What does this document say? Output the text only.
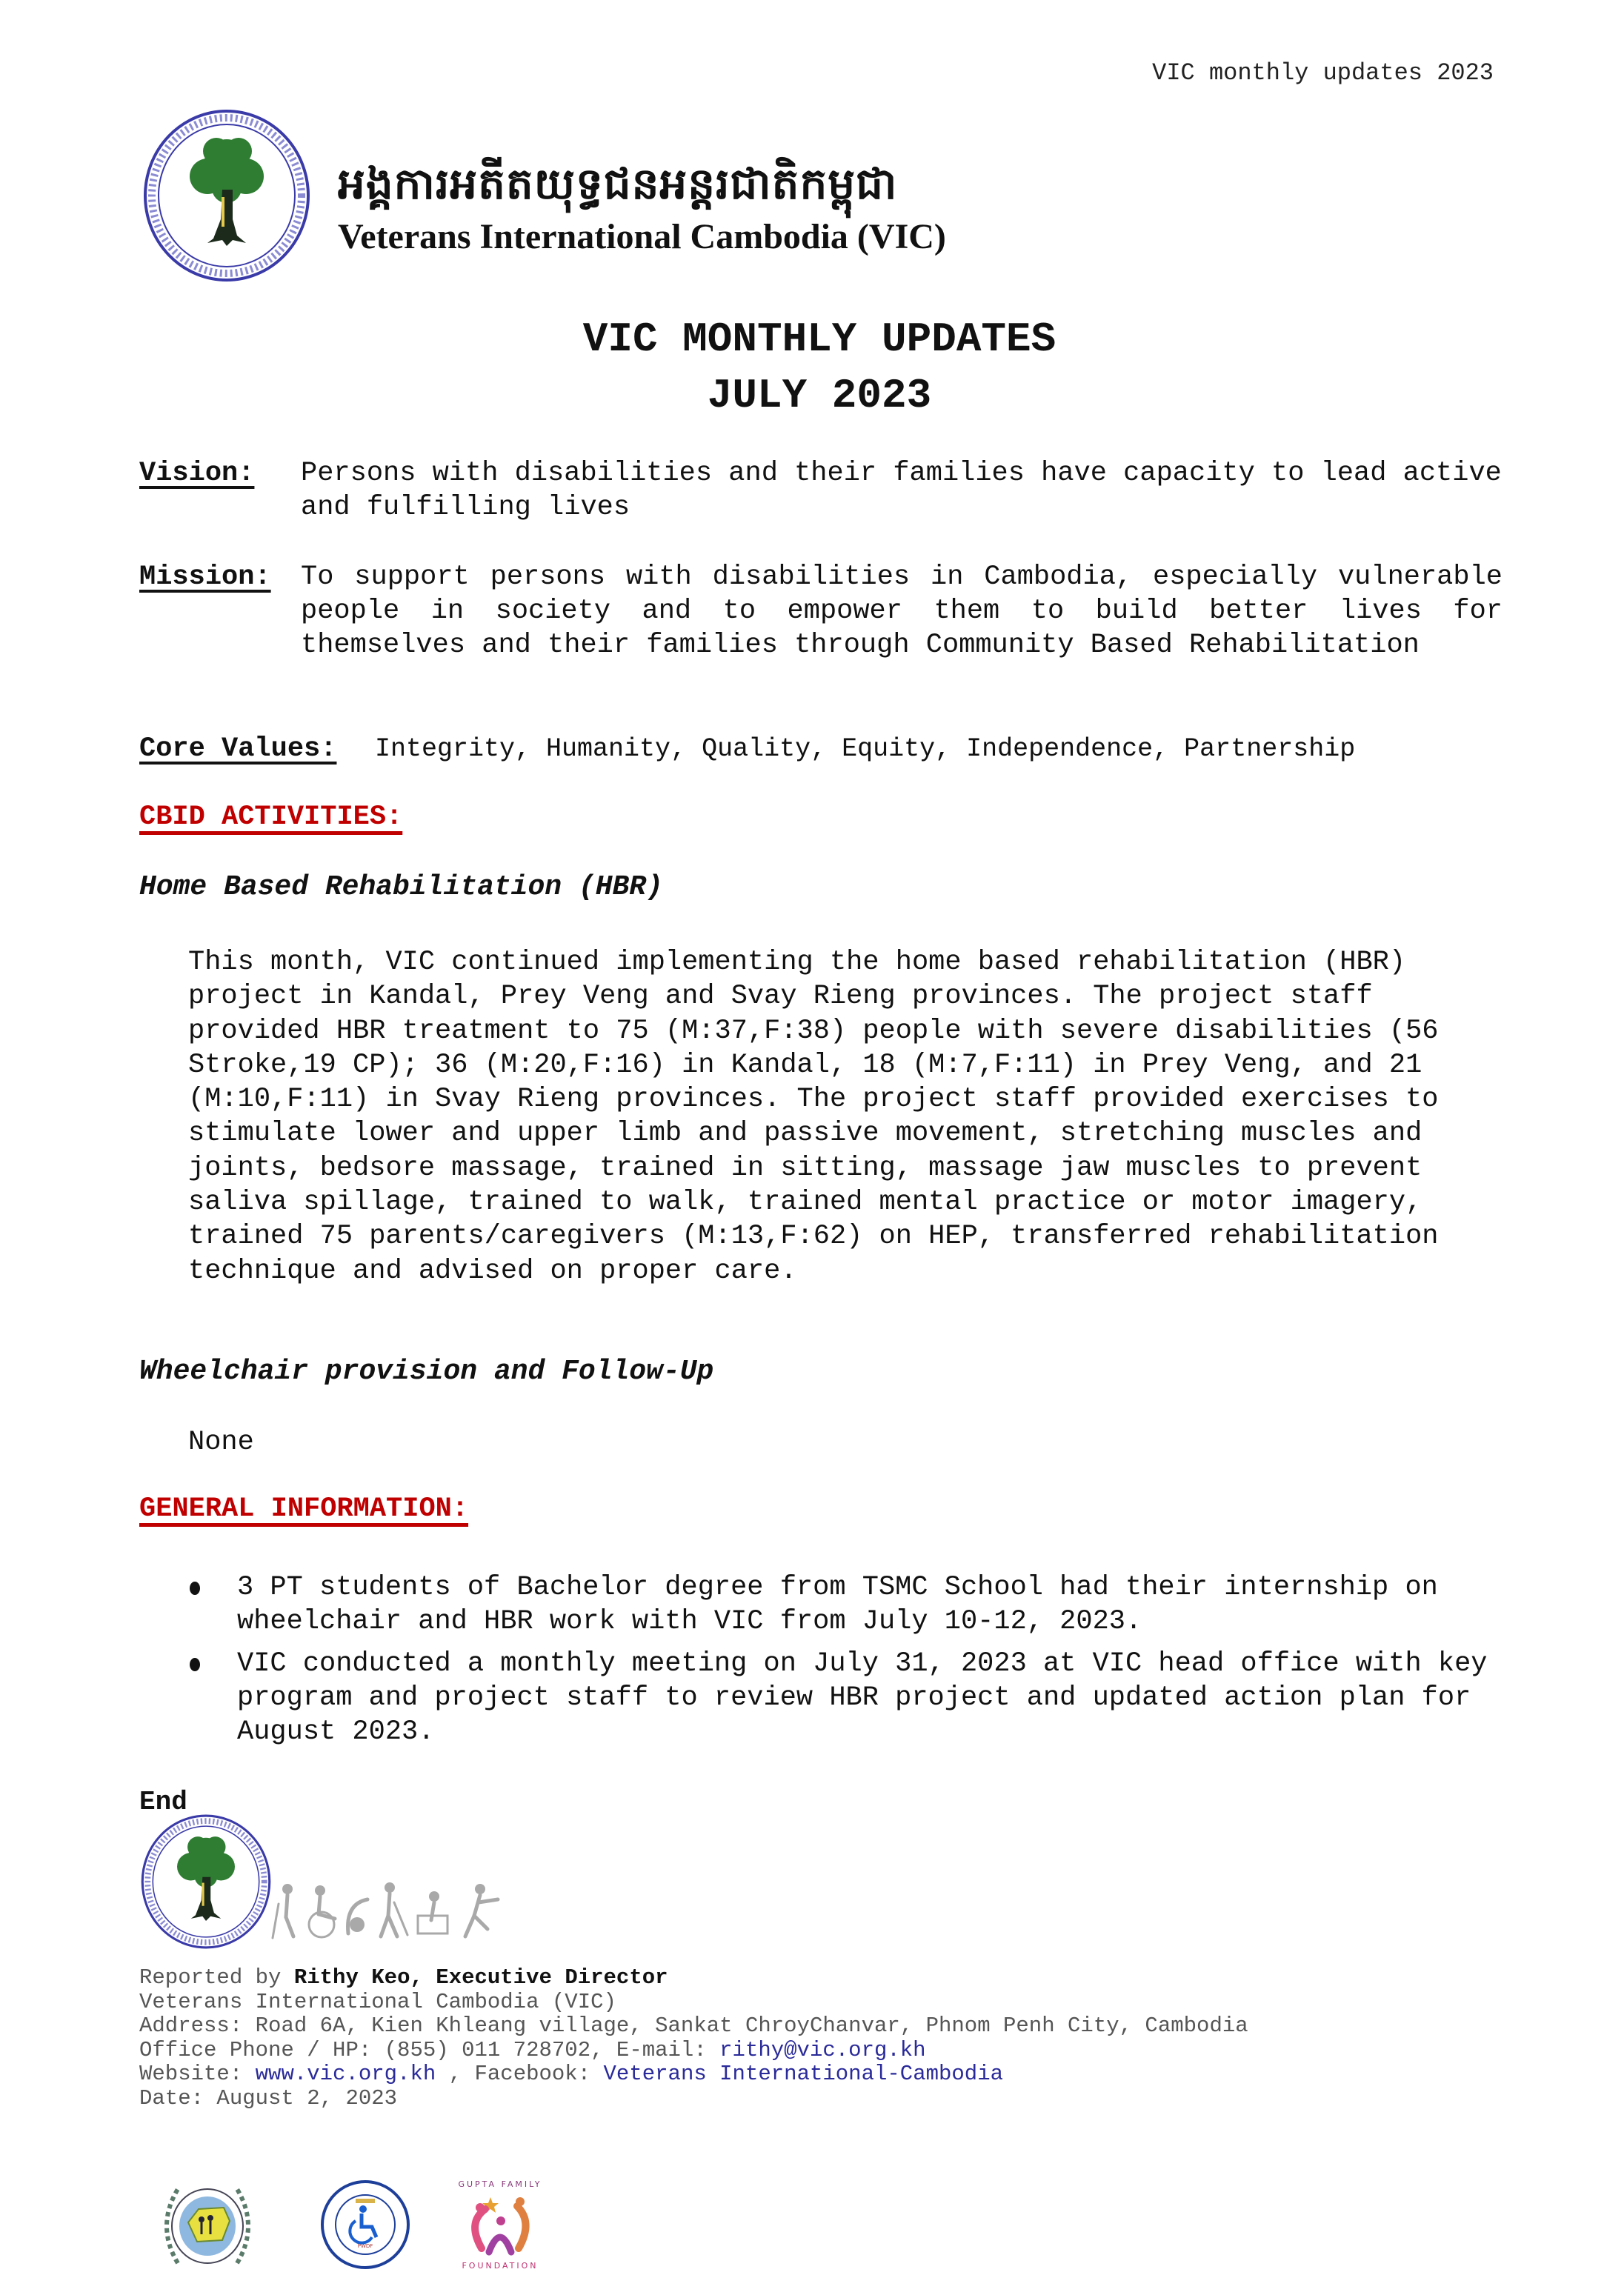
VIC monthly updates 2023
អង្គការអតីតយុទ្ធជនអន្តរជាតិកម្ពុជា
Veterans International Cambodia (VIC)
VIC MONTHLY UPDATES
JULY 2023
Vision: Persons with disabilities and their families have capacity to lead active and fulfilling lives
Mission: To support persons with disabilities in Cambodia, especially vulnerable people in society and to empower them to build better lives for themselves and their families through Community Based Rehabilitation
Core Values: Integrity, Humanity, Quality, Equity, Independence, Partnership
CBID ACTIVITIES:
Home Based Rehabilitation (HBR)
This month, VIC continued implementing the home based rehabilitation (HBR) project in Kandal, Prey Veng and Svay Rieng provinces. The project staff provided HBR treatment to 75 (M:37,F:38) people with severe disabilities (56 Stroke,19 CP); 36 (M:20,F:16) in Kandal, 18 (M:7,F:11) in Prey Veng, and 21 (M:10,F:11) in Svay Rieng provinces. The project staff provided exercises to stimulate lower and upper limb and passive movement, stretching muscles and joints, bedsore massage, trained in sitting, massage jaw muscles to prevent saliva spillage, trained to walk, trained mental practice or motor imagery, trained 75 parents/caregivers (M:13,F:62) on HEP, transferred rehabilitation technique and advised on proper care.
Wheelchair provision and Follow-Up
None
GENERAL INFORMATION:
3 PT students of Bachelor degree from TSMC School had their internship on wheelchair and HBR work with VIC from July 10-12, 2023.
VIC conducted a monthly meeting on July 31, 2023 at VIC head office with key program and project staff to review HBR project and updated action plan for August 2023.
End
Reported by Rithy Keo, Executive Director
Veterans International Cambodia (VIC)
Address: Road 6A, Kien Khleang village, Sankat ChroyChanvar, Phnom Penh City, Cambodia
Office Phone / HP: (855) 011 728702, E-mail: rithy@vic.org.kh
Website: www.vic.org.kh , Facebook: Veterans International-Cambodia
Date: August 2, 2023
PWDF
GUPTA FAMILY
FOUNDATION
